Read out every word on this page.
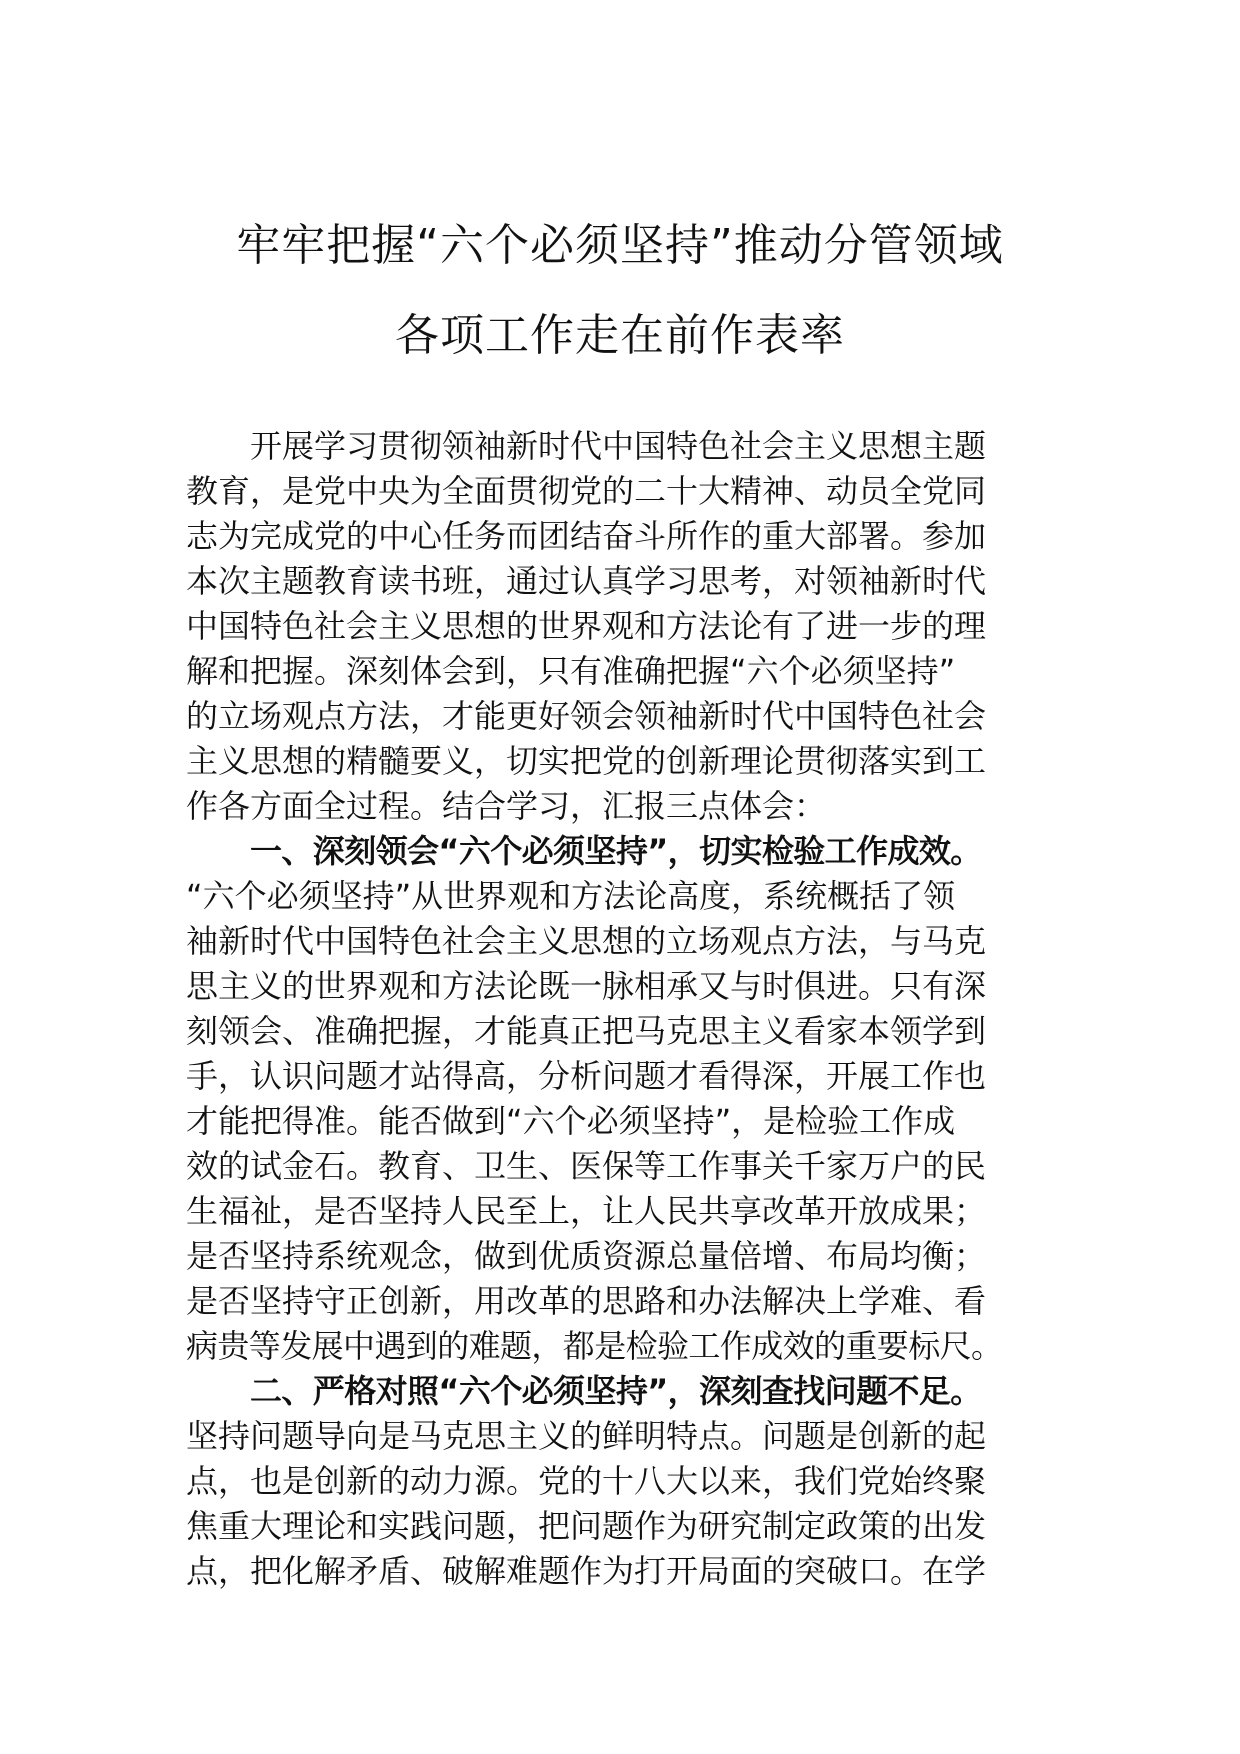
牢牢把握“六个必须坚持”推动分管领域
各项工作走在前作表率
开展学习贯彻领袖新时代中国特色社会主义思想主题
教育，是党中央为全面贯彻党的二十大精神、动员全党同
志为完成党的中心任务而团结奋斗所作的重大部署。参加
本次主题教育读书班，通过认真学习思考，对领袖新时代
中国特色社会主义思想的世界观和方法论有了进一步的理
解和把握。深刻体会到，只有准确把握“六个必须坚持”
的立场观点方法，才能更好领会领袖新时代中国特色社会
主义思想的精髓要义，切实把党的创新理论贯彻落实到工
作各方面全过程。结合学习，汇报三点体会：
一、深刻领会“六个必须坚持”，切实检验工作成效。
“六个必须坚持”从世界观和方法论高度，系统概括了领
袖新时代中国特色社会主义思想的立场观点方法，与马克
思主义的世界观和方法论既一脉相承又与时俱进。只有深
刻领会、准确把握，才能真正把马克思主义看家本领学到
手，认识问题才站得高，分析问题才看得深，开展工作也
才能把得准。能否做到“六个必须坚持”，是检验工作成
效的试金石。教育、卫生、医保等工作事关千家万户的民
生福祉，是否坚持人民至上，让人民共享改革开放成果；
是否坚持系统观念，做到优质资源总量倍增、布局均衡；
是否坚持守正创新，用改革的思路和办法解决上学难、看
病贵等发展中遇到的难题，都是检验工作成效的重要标尺。
二、严格对照“六个必须坚持”，深刻查找问题不足。
坚持问题导向是马克思主义的鲜明特点。问题是创新的起
点，也是创新的动力源。党的十八大以来，我们党始终聚
焦重大理论和实践问题，把问题作为研究制定政策的出发
点，把化解矛盾、破解难题作为打开局面的突破口。在学
